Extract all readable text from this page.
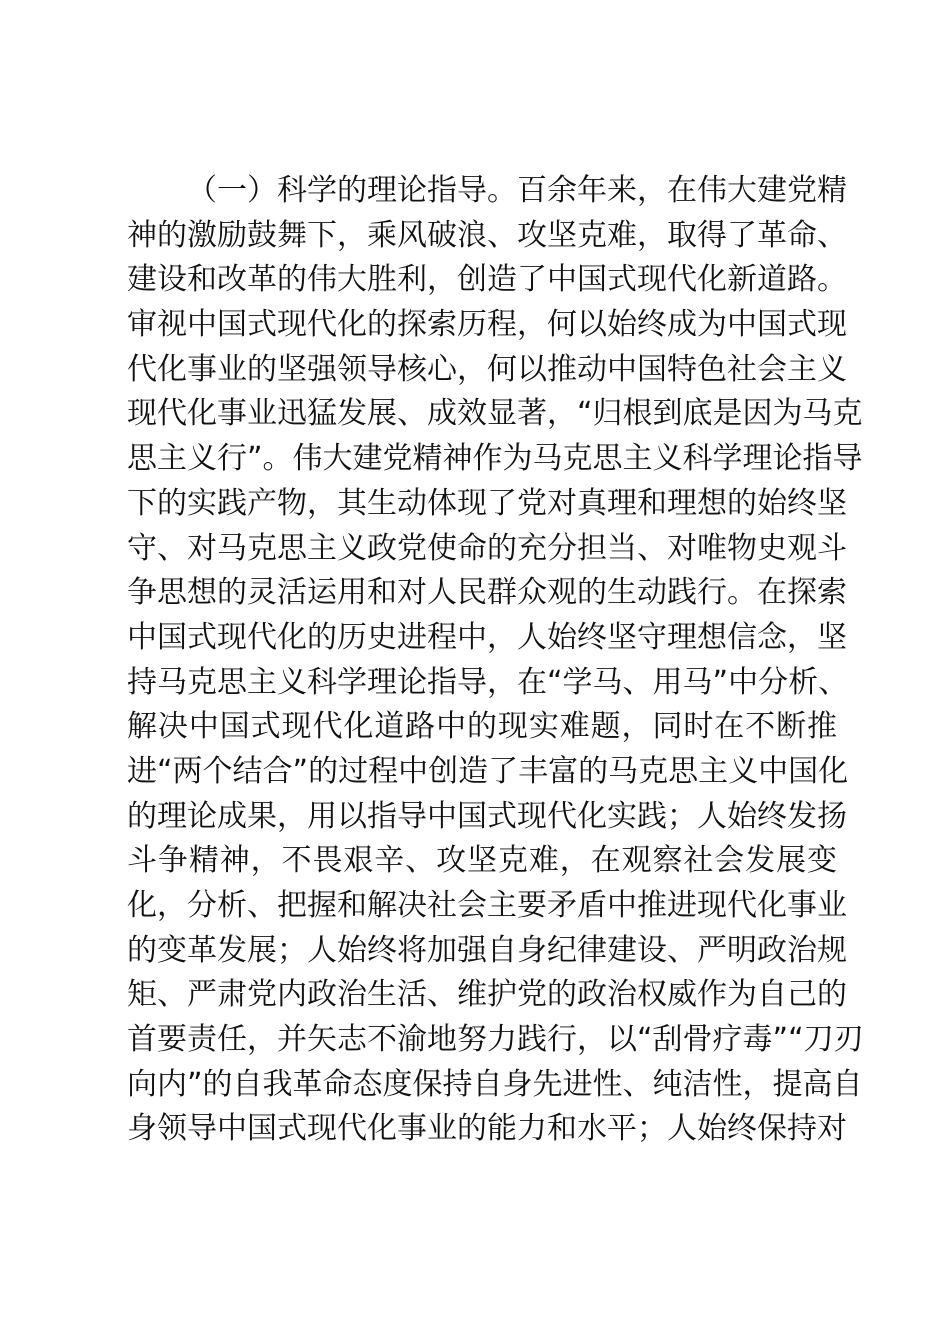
（一）科学的理论指导。百余年来，在伟大建党精
神的激励鼓舞下，乘风破浪、攻坚克难，取得了革命、
建设和改革的伟大胜利，创造了中国式现代化新道路。
审视中国式现代化的探索历程，何以始终成为中国式现
代化事业的坚强领导核心，何以推动中国特色社会主义
现代化事业迅猛发展、成效显著，“归根到底是因为马克
思主义行”。伟大建党精神作为马克思主义科学理论指导
下的实践产物，其生动体现了党对真理和理想的始终坚
守、对马克思主义政党使命的充分担当、对唯物史观斗
争思想的灵活运用和对人民群众观的生动践行。在探索
中国式现代化的历史进程中，人始终坚守理想信念，坚
持马克思主义科学理论指导，在“学马、用马”中分析、
解决中国式现代化道路中的现实难题，同时在不断推
进“两个结合”的过程中创造了丰富的马克思主义中国化
的理论成果，用以指导中国式现代化实践；人始终发扬
斗争精神，不畏艰辛、攻坚克难，在观察社会发展变
化，分析、把握和解决社会主要矛盾中推进现代化事业
的变革发展；人始终将加强自身纪律建设、严明政治规
矩、严肃党内政治生活、维护党的政治权威作为自己的
首要责任，并矢志不渝地努力践行，以“刮骨疗毒”“刀刃
向内”的自我革命态度保持自身先进性、纯洁性，提高自
身领导中国式现代化事业的能力和水平；人始终保持对
